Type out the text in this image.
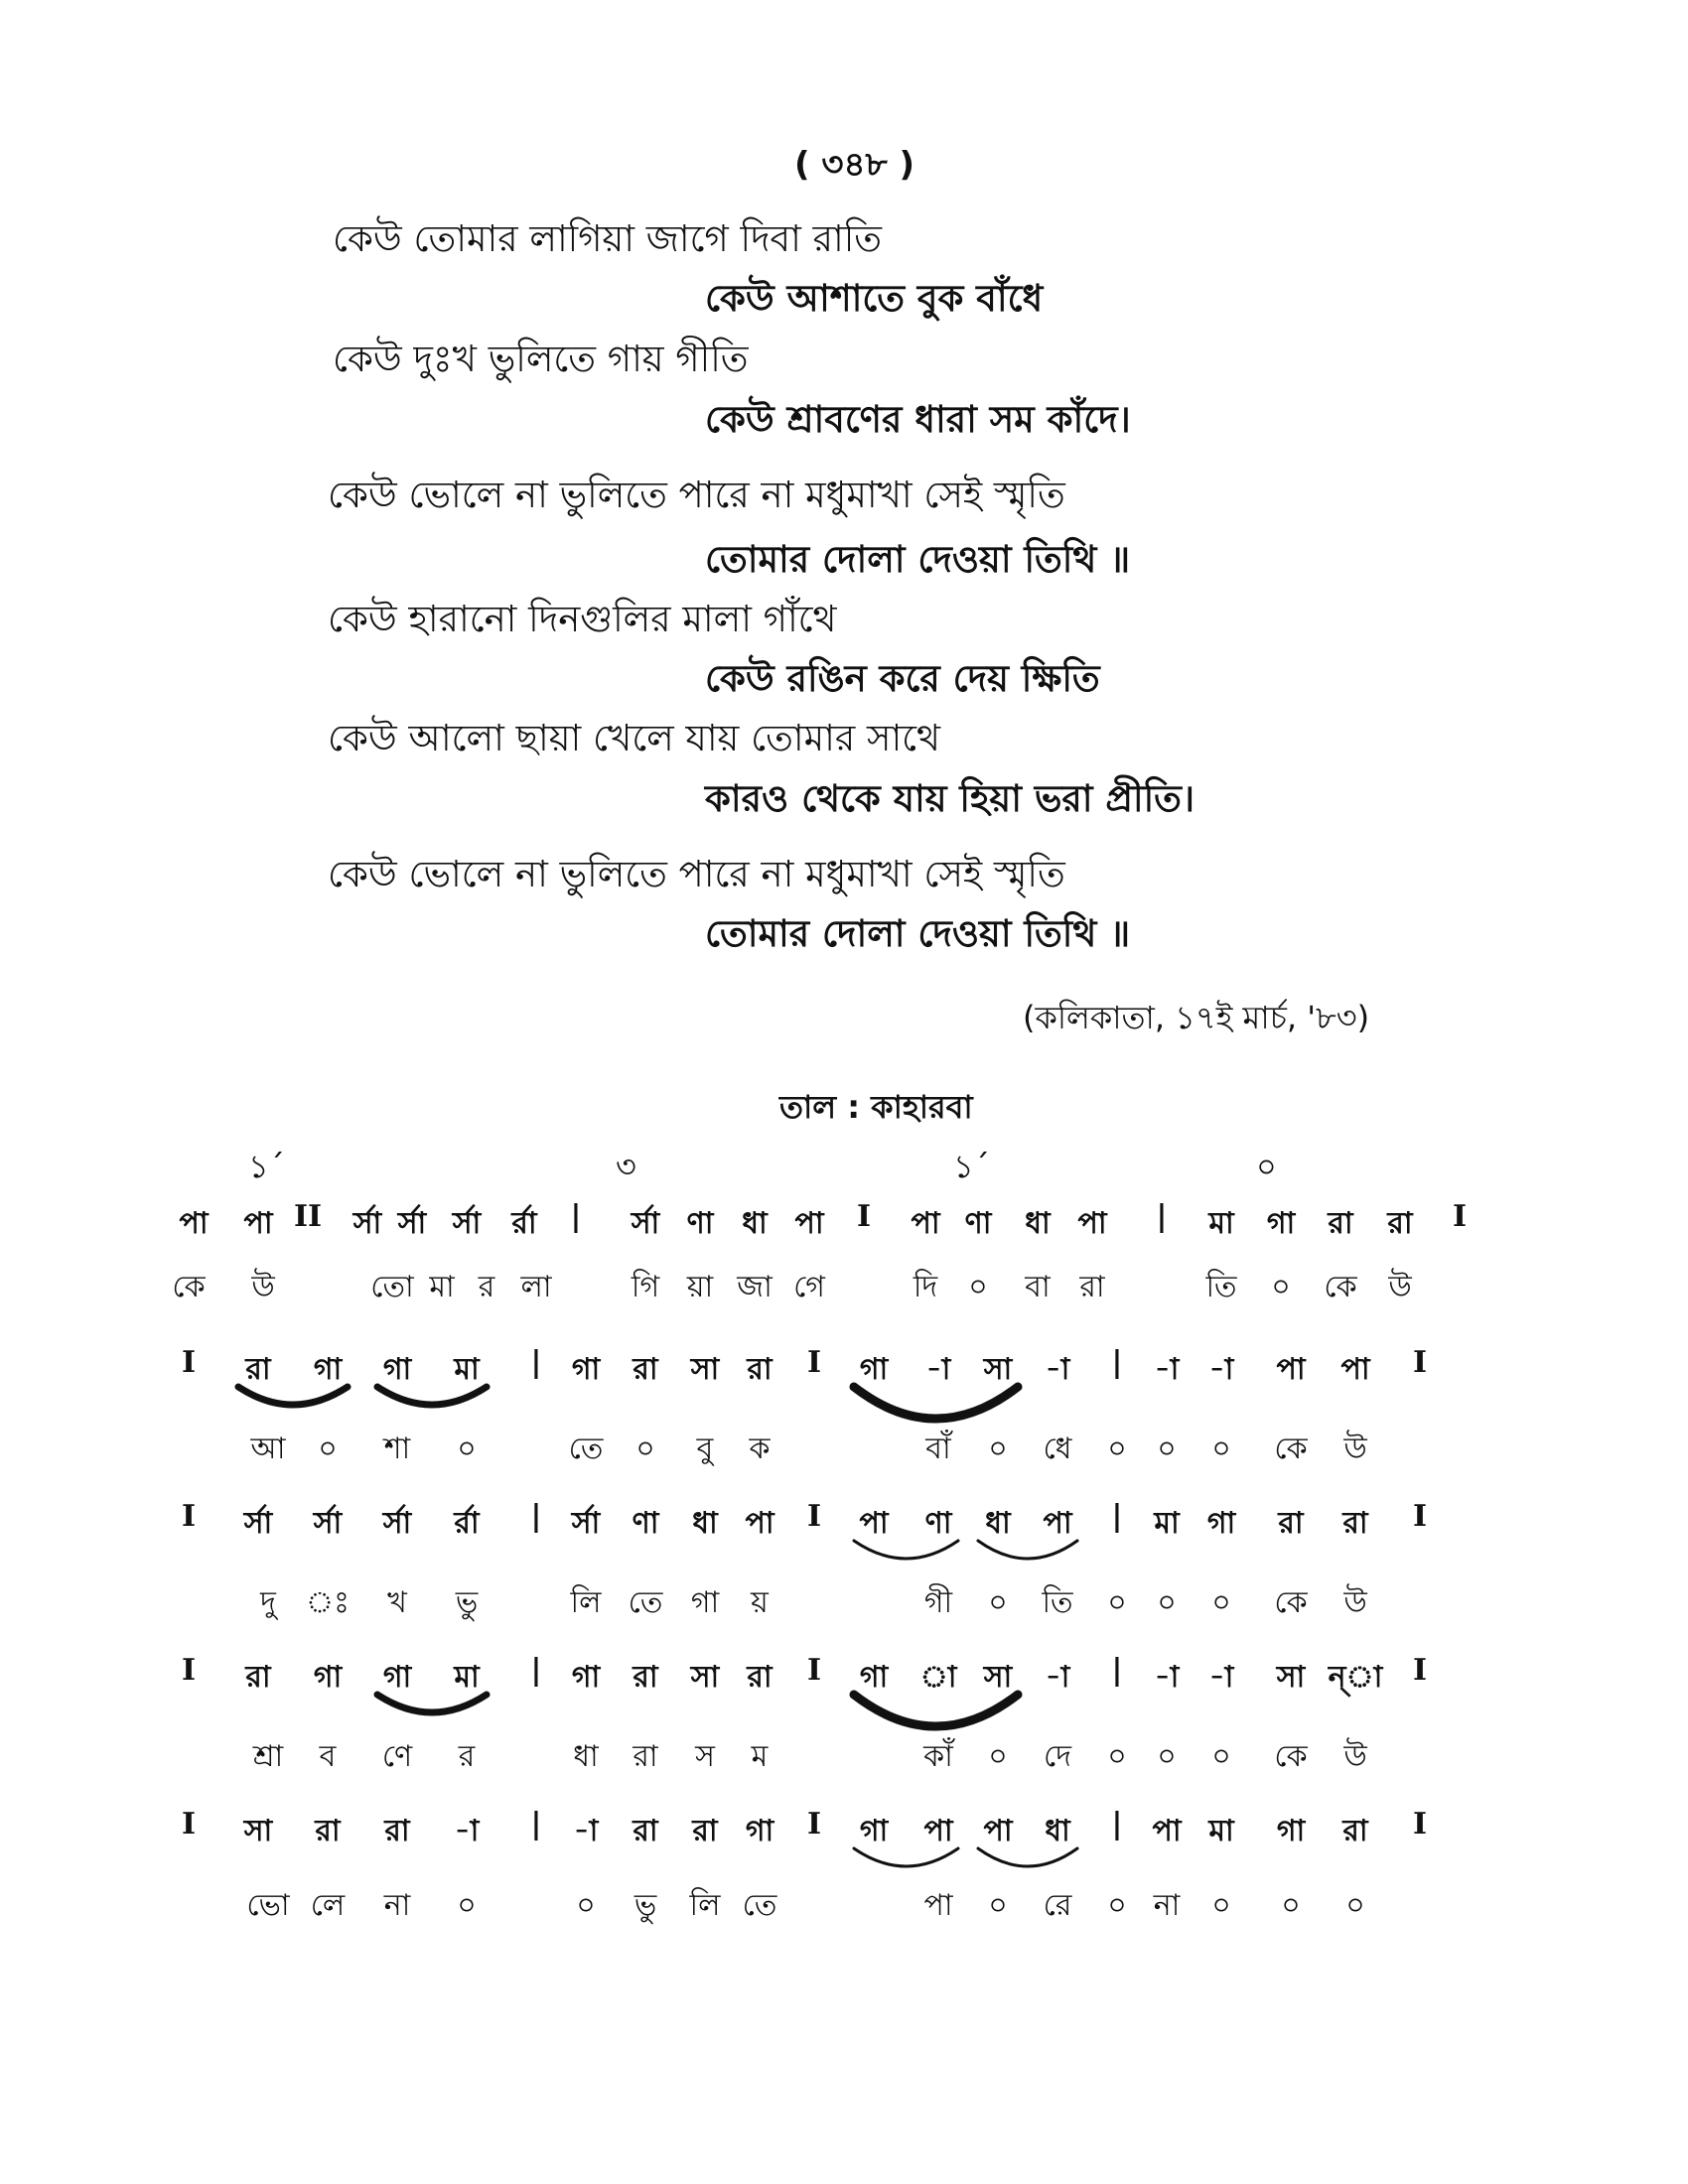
( ৩৪৮ )
কেউ তোমার লাগিয়া জাগে দিবা রাতি
কেউ আশাতে বুক বাঁধে
কেউ দুঃখ ভুলিতে গায় গীতি
কেউ শ্রাবণের ধারা সম কাঁদে।
কেউ ভোলে না ভুলিতে পারে না মধুমাখা সেই স্মৃতি
তোমার দোলা দেওয়া তিথি ॥
কেউ হারানো দিনগুলির মালা গাঁথে
কেউ রঙিন করে দেয় ক্ষিতি
কেউ আলো ছায়া খেলে যায় তোমার সাথে
কারও থেকে যায় হিয়া ভরা প্রীতি।
কেউ ভোলে না ভুলিতে পারে না মধুমাখা সেই স্মৃতি
তোমার দোলা দেওয়া তিথি ॥
(কলিকাতা, ১৭ই মার্চ, '৮৩)
তাল : কাহারবা
১´	৩	১´	০
পা পা II র্সা র্সা র্সা র্রা | র্সা ণা ধা পা I পা ণা ধা পা | মা গা রা রা I
কে উ	তো মা র লা	গি য়া জা গে	দি ০ বা রা	তি ০ কে উ
I রা গা গা মা | গা রা সা রা I গা -া সা -া | -া -া পা পা I
আ ০ শা ০	তে ০ বু ক	বাঁ ০ ধে ০ ০ ০ কে উ
I র্সা র্সা র্সা র্রা | র্সা ণা ধা পা I পা ণা ধা পা | মা গা রা রা I
দু ঃ খ ভু	লি তে গা য়	গী ০ তি ০ ০ ০ কে উ
I রা গা গা মা | গা রা সা রা I গা া সা -া | -া -া সা ন্‌া I
শ্রা ব ণে র	ধা রা স ম	কাঁ ০ দে ০ ০ ০ কে উ
I সা রা রা -া | -া রা রা গা I গা পা পা ধা | পা মা গা রা I
ভো লে না ০	০ ভু লি তে	পা ০ রে ০ না ০ ০ ০
